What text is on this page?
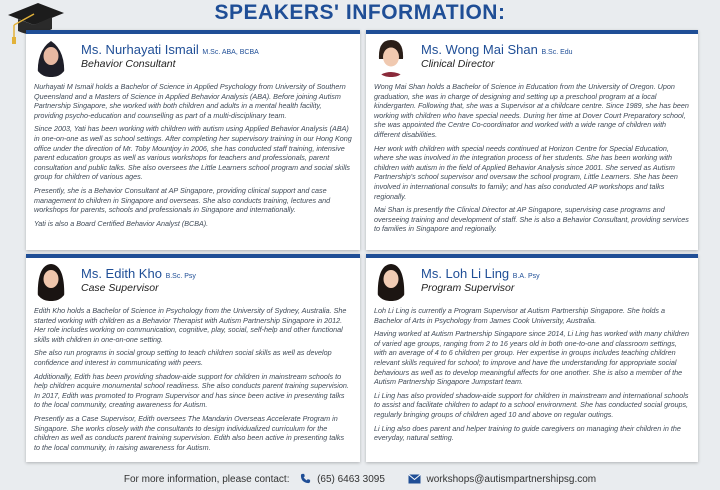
SPEAKERS' INFORMATION:
Ms. Nurhayati Ismail M.Sc. ABA, BCBA
Behavior Consultant

Nurhayati M Ismail holds a Bachelor of Science in Applied Psychology from University of Southern Queensland and a Masters of Science in Applied Behavior Analysis (ABA). Before joining Autism Partnership Singapore, she worked with both children and adults in a mental health facility, providing psycho-education and counselling as part of a multi-disciplinary team.

Since 2003, Yati has been working with children with autism using Applied Behavior Analysis (ABA) in one-on-one as well as school settings. After completing her supervisory training in our Hong Kong office under the direction of Mr. Toby Mountjoy in 2006, she has conducted staff training, intensive parent education groups as well as various workshops for teachers and professionals, parent consultation and public talks. She also oversees the Little Learners school program and social skills group for children of various ages.

Presently, she is a Behavior Consultant at AP Singapore, providing clinical support and case management to children in Singapore and overseas. She also conducts training, lectures and workshops for parents, schools and professionals in Singapore and internationally.

Yati is also a Board Certified Behavior Analyst (BCBA).

Ms. Wong Mai Shan B.Sc. Edu
Clinical Director

Wong Mai Shan holds a Bachelor of Science in Education from the University of Oregon. Upon graduation, she was in charge of designing and setting up a preschool program at a local kindergarten. Following that, she was a Supervisor at a childcare centre. Since 1989, she has been working with children who have special needs. During her time at Dover Court Preparatory school, she was appointed the Centre Co-coordinator and worked with a wide range of children with different disabilities.

Her work with children with special needs continued at Horizon Centre for Special Education, where she was involved in the integration process of her students. She has been working with children with autism in the field of Applied Behavior Analysis since 2001. She served as Autism Partnership's school supervisor and oversaw the school program, Little Learners. She has been involved in international consults to family; and has also conducted AP workshops and talks regionally.

Mai Shan is presently the Clinical Director at AP Singapore, supervising case programs and overseeing training and development of staff. She is also a Behavior Consultant, providing services to families in Singapore and regionally.

Ms. Edith Kho B.Sc. Psy
Case Supervisor

Edith Kho holds a Bachelor of Science in Psychology from the University of Sydney, Australia. She started working with children as a Behavior Therapist with Autism Partnership Singapore in 2012. Her role includes working on communication, cognitive, play, social, self-help and other functional skills with children in one-on-one setting.

She also run programs in social group setting to teach children social skills as well as develop confidence and interest in communicating with peers.

Additionally, Edith has been providing shadow-aide support for children in mainstream schools to help children acquire monumental school readiness. She also conducts parent training supervision. In 2017, Edith was promoted to Program Supervisor and has since been active in presenting talks to the local community, creating awareness for Autism.

Presently as a Case Supervisor, Edith oversees The Mandarin Overseas Accelerate Program in Singapore. She works closely with the consultants to design individualized curriculum for the children as well as conducts parent training supervision. Edith also been active in presenting talks to the local community, in raising awareness for Autism.

Ms. Loh Li Ling B.A. Psy
Program Supervisor

Loh Li Ling is currently a Program Supervisor at Autism Partnership Singapore. She holds a Bachelor of Arts in Psychology from James Cook University, Australia.

Having worked at Autism Partnership Singapore since 2014, Li Ling has worked with many children of varied age groups, ranging from 2 to 16 years old in both one-to-one and classroom settings, with an average of 4 to 6 children per group. Her expertise in groups includes teaching children relevant skills required for school; to improve and have the understanding for appropriate social behaviours as well as to develop meaningful affects for one another. She is also a member of the Autism Partnership Singapore Jumpstart team.

Li Ling has also provided shadow-aide support for children in mainstream and international schools to assist and facilitate children to adapt to a school environment. She has conducted social groups, regularly bringing groups of children aged 10 and above on regular outings.

Li Ling also does parent and helper training to guide caregivers on managing their children in the everyday, natural setting.

For more information, please contact:	(65) 6463 3095	workshops@autismpartnershipsg.com
